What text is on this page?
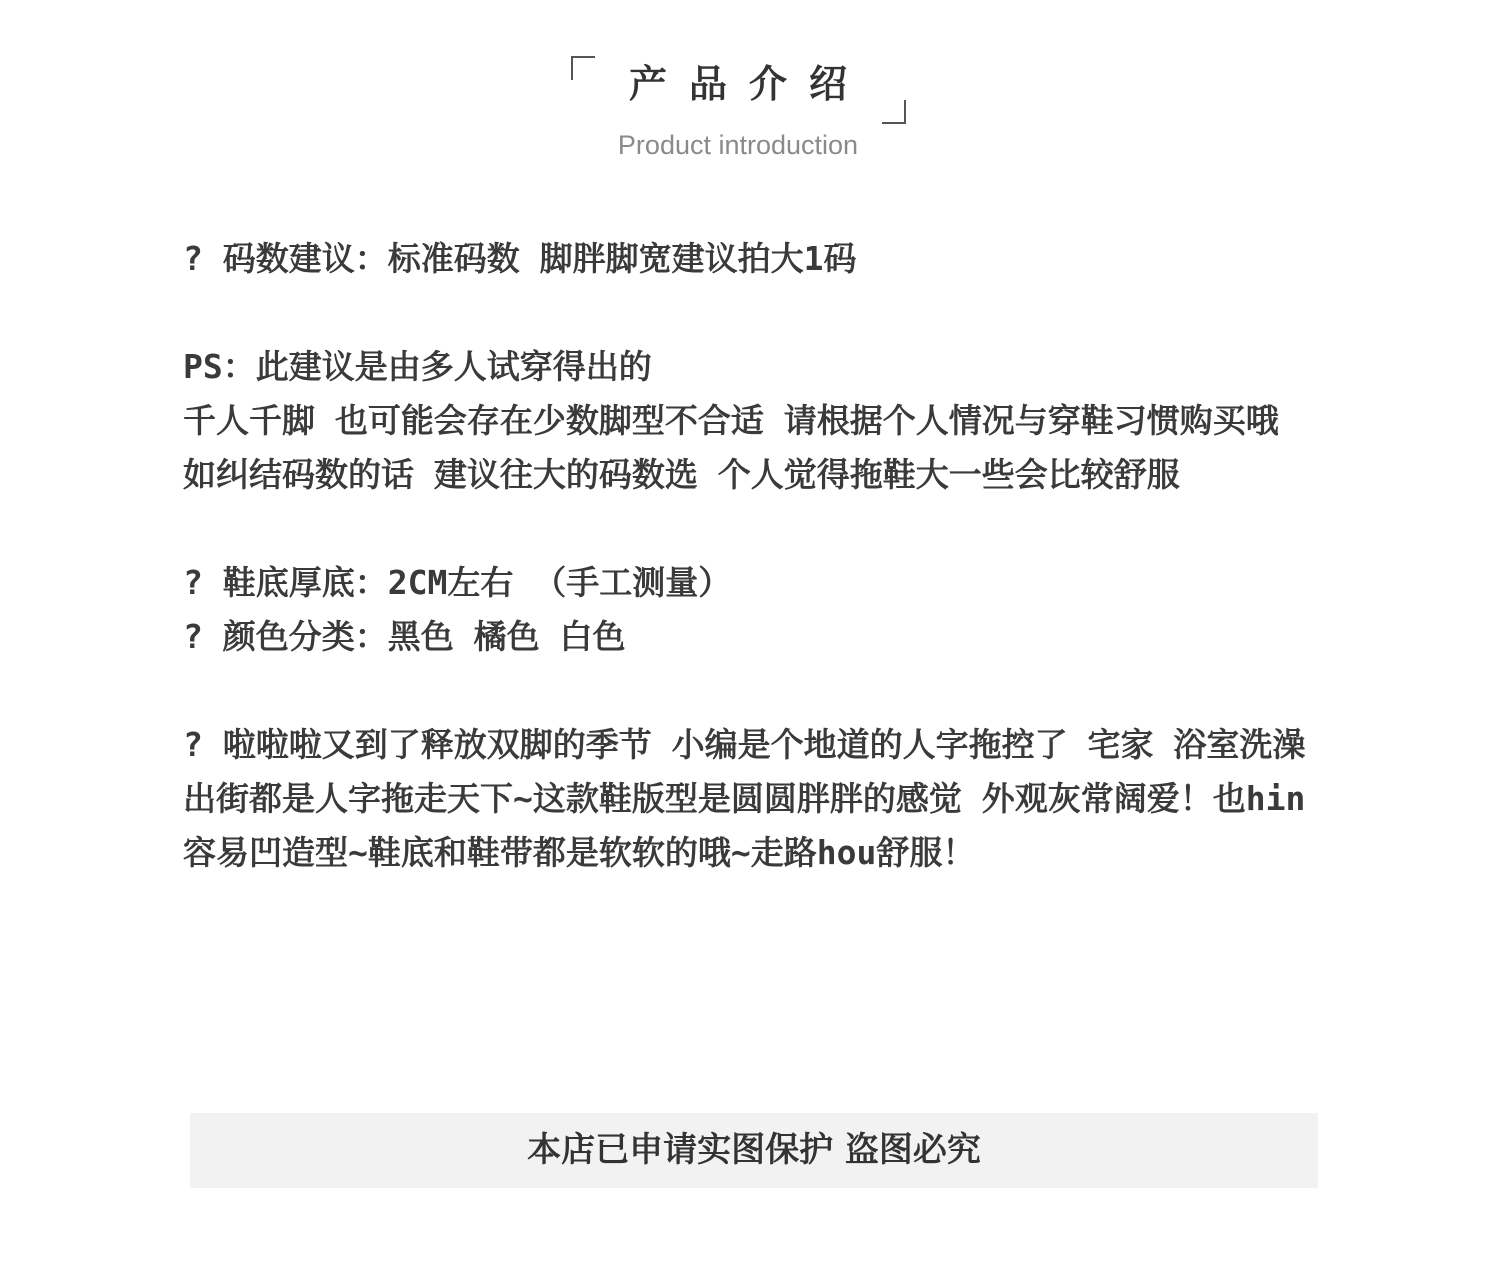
产品介绍
Product introduction

? 码数建议：标准码数 脚胖脚宽建议拍大1码

PS：此建议是由多人试穿得出的

千人千脚 也可能会存在少数脚型不合适 请根据个人情况与穿鞋习惯购买哦 如纠结码数的话 建议往大的码数选 个人觉得拖鞋大一些会比较舒服

? 鞋底厚底：2CM左右 （手工测量）

? 颜色分类：黑色 橘色 白色

? 啦啦啦又到了释放双脚的季节 小编是个地道的人字拖控了 宅家 浴室洗澡 出街都是人字拖走天下~这款鞋版型是圆圆胖胖的感觉 外观灰常阔爱！也hin容易凹造型~鞋底和鞋带都是软软的哦~走路hou舒服！

本店已申请实图保护 盗图必究
